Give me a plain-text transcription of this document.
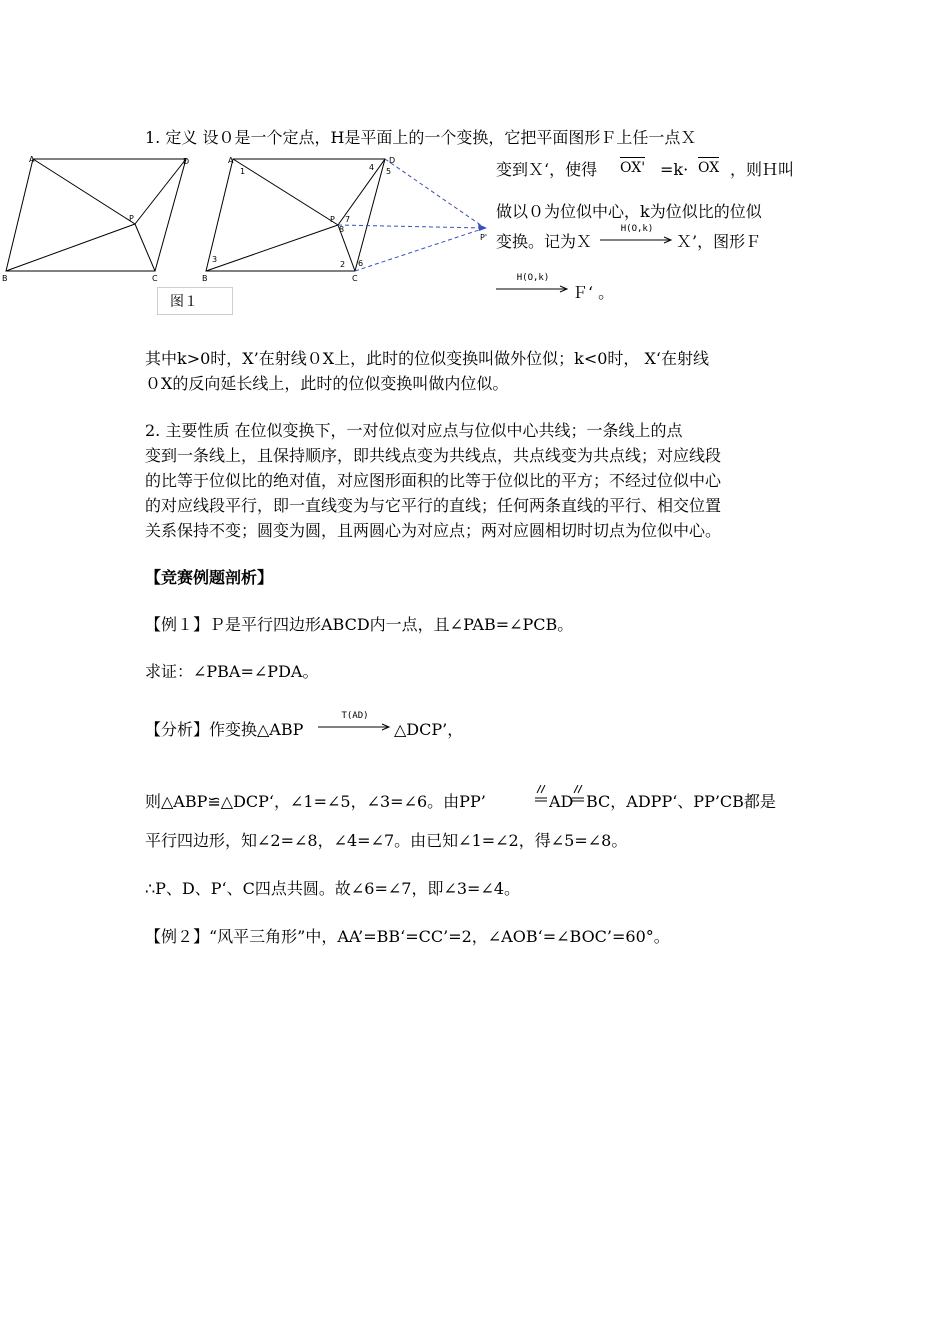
1. 定义 设０是一个定点，H是平面上的一个变换，它把平面图形Ｆ上任一点Ｘ
变到Ｘ‘，使得 OX' =k· OX ，则Ｈ叫
做以０为位似中心，k为位似比的位似
变换。记为Ｘ
H(O,k)
Ｘ’，图形Ｆ
H(O,k)
Ｆ‘ 。
A	D
P
B	C
A	D
P
B	C
P'
1
2
3
4 5
6
7
8
图１
其中k>0时，X’在射线０X上，此时的位似变换叫做外位似；k<0时， X‘在射线
０X的反向延长线上，此时的位似变换叫做内位似。
2. 主要性质 在位似变换下，一对位似对应点与位似中心共线；一条线上的点
变到一条线上，且保持顺序，即共线点变为共线点，共点线变为共点线；对应线段
的比等于位似比的绝对值，对应图形面积的比等于位似比的平方；不经过位似中心
的对应线段平行，即一直线变为与它平行的直线；任何两条直线的平行、相交位置
关系保持不变；圆变为圆，且两圆心为对应点；两对应圆相切时切点为位似中心。
【竞赛例题剖析】
【例１】Ｐ是平行四边形ABCD内一点，且∠PAB=∠PCB。
求证：∠PBA=∠PDA。
【分析】作变换△ABP
T(AD)
△DCP’，
则△ABP≌△DCP‘，∠1=∠5，∠3=∠6。由PP’	AD BC，ADPP‘、PP’CB都是
平行四边形，知∠2=∠8，∠4=∠7。由已知∠1=∠2，得∠5=∠8。
∴P、D、P‘、C四点共圆。故∠6=∠7，即∠3=∠4。
【例２】“风平三角形”中，AA’=BB‘=CC’=2，∠AOB‘=∠BOC’=60°。
